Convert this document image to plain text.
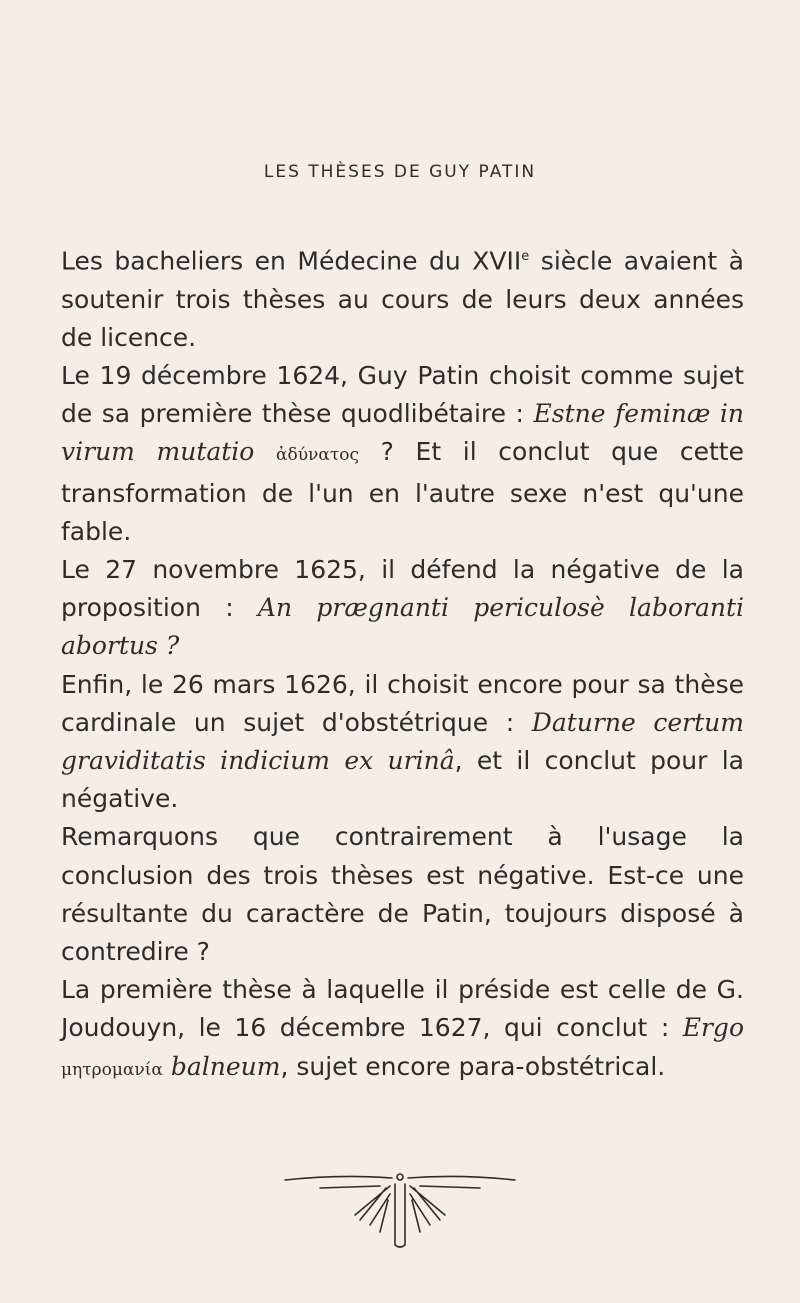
LES THÈSES DE GUY PATIN

Les bacheliers en Médecine du XVIIe siècle avaient à soutenir trois thèses au cours de leurs deux années de licence.

Le 19 décembre 1624, Guy Patin choisit comme sujet de sa première thèse quodlibétaire : Estne feminæ in virum mutatio ἀδύνατος ? Et il conclut que cette transformation de l'un en l'autre sexe n'est qu'une fable.

Le 27 novembre 1625, il défend la négative de la proposition : An prægnanti periculosè laboranti abortus ?

Enfin, le 26 mars 1626, il choisit encore pour sa thèse cardinale un sujet d'obstétrique : Daturne certum graviditatis indicium ex urinâ, et il conclut pour la négative.

Remarquons que contrairement à l'usage la conclusion des trois thèses est négative. Est-ce une résultante du caractère de Patin, toujours disposé à contredire ?

La première thèse à laquelle il préside est celle de G. Joudouyn, le 16 décembre 1627, qui conclut : Ergo μητρομανία balneum, sujet encore para-obstétrical.
